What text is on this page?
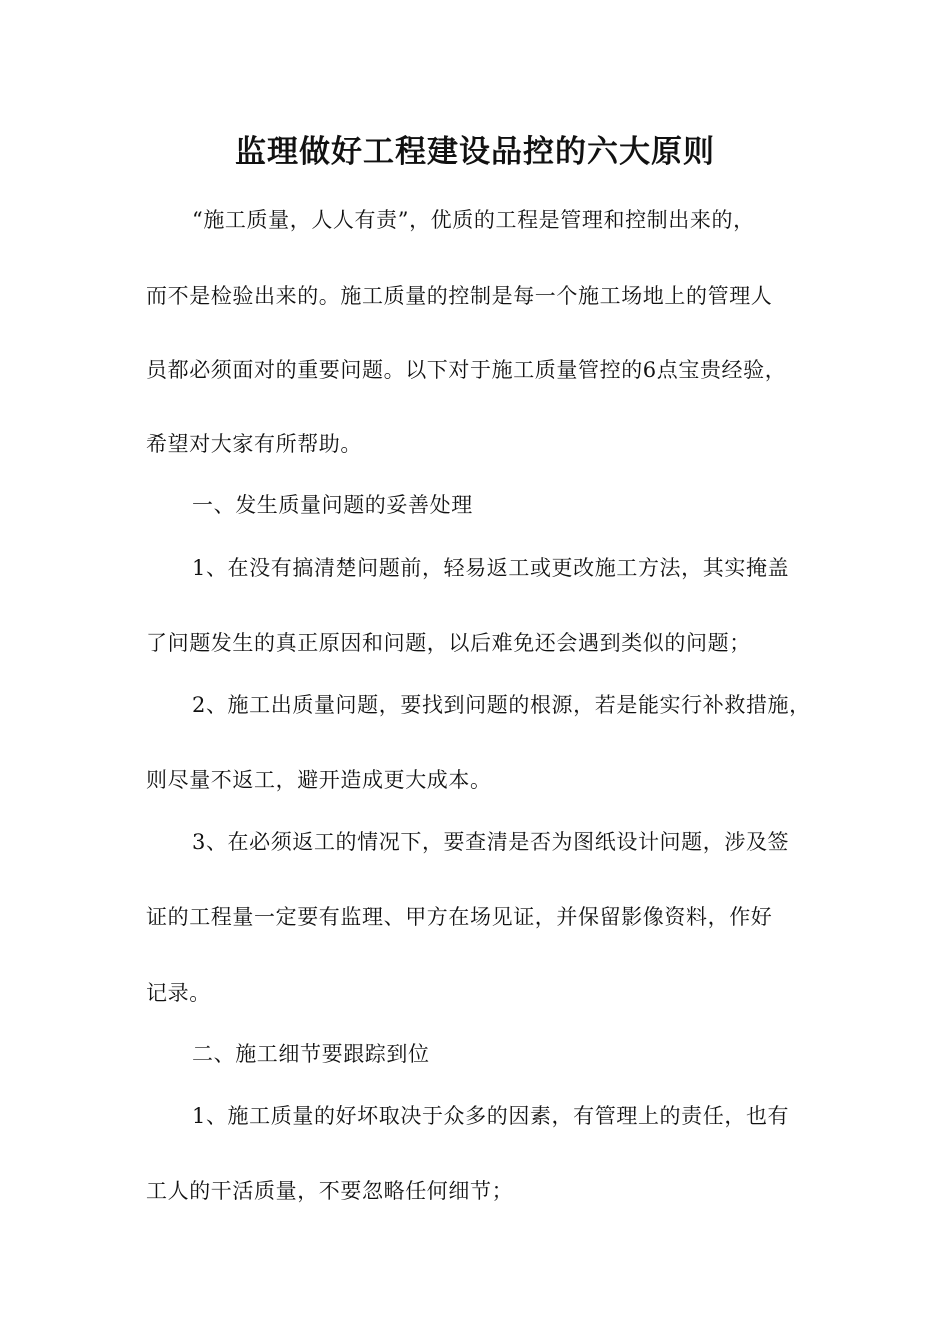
监理做好工程建设品控的六大原则

“施工质量，人人有责”，优质的工程是管理和控制出来的，

而不是检验出来的。施工质量的控制是每一个施工场地上的管理人

员都必须面对的重要问题。以下对于施工质量管控的6点宝贵经验，

希望对大家有所帮助。

一、发生质量问题的妥善处理

1、在没有搞清楚问题前，轻易返工或更改施工方法，其实掩盖

了问题发生的真正原因和问题，以后难免还会遇到类似的问题；

2、施工出质量问题，要找到问题的根源，若是能实行补救措施，

则尽量不返工，避开造成更大成本。

3、在必须返工的情况下，要查清是否为图纸设计问题，涉及签

证的工程量一定要有监理、甲方在场见证，并保留影像资料，作好

记录。

二、施工细节要跟踪到位

1、施工质量的好坏取决于众多的因素，有管理上的责任，也有

工人的干活质量，不要忽略任何细节；
